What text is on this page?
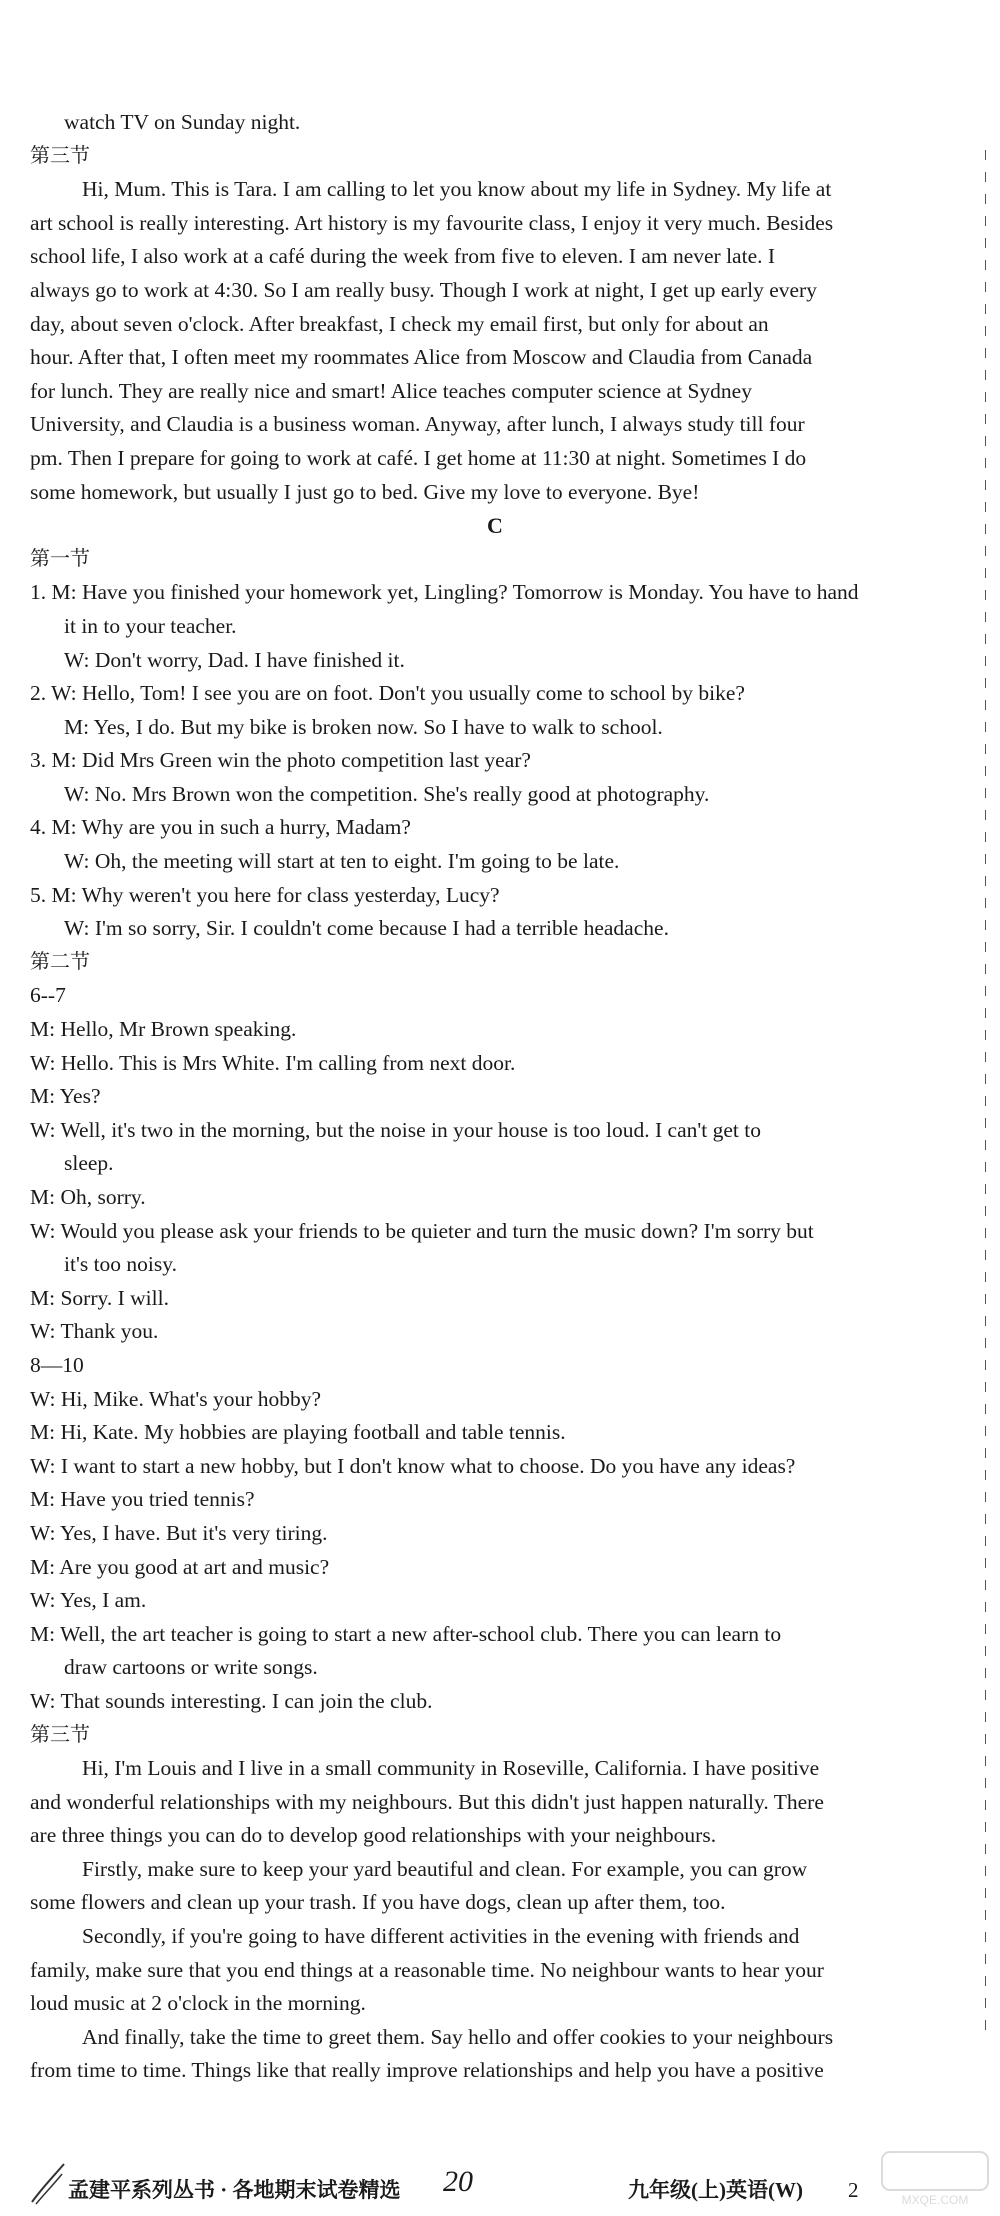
watch TV on Sunday night.

第三节

Hi, Mum. This is Tara. I am calling to let you know about my life in Sydney. My life at

art school is really interesting. Art history is my favourite class, I enjoy it very much. Besides

school life, I also work at a café during the week from five to eleven. I am never late. I

always go to work at 4:30. So I am really busy. Though I work at night, I get up early every

day, about seven o'clock. After breakfast, I check my email first, but only for about an

hour. After that, I often meet my roommates Alice from Moscow and Claudia from Canada

for lunch. They are really nice and smart! Alice teaches computer science at Sydney

University, and Claudia is a business woman. Anyway, after lunch, I always study till four

pm. Then I prepare for going to work at café. I get home at 11:30 at night. Sometimes I do

some homework, but usually I just go to bed. Give my love to everyone. Bye!

C

第一节

1. M: Have you finished your homework yet, Lingling? Tomorrow is Monday. You have to hand

it in to your teacher.

W: Don't worry, Dad. I have finished it.

2. W: Hello, Tom! I see you are on foot. Don't you usually come to school by bike?

M: Yes, I do. But my bike is broken now. So I have to walk to school.

3. M: Did Mrs Green win the photo competition last year?

W: No. Mrs Brown won the competition. She's really good at photography.

4. M: Why are you in such a hurry, Madam?

W: Oh, the meeting will start at ten to eight. I'm going to be late.

5. M: Why weren't you here for class yesterday, Lucy?

W: I'm so sorry, Sir. I couldn't come because I had a terrible headache.

第二节

6--7

M: Hello, Mr Brown speaking.

W: Hello. This is Mrs White. I'm calling from next door.

M: Yes?

W: Well, it's two in the morning, but the noise in your house is too loud. I can't get to

sleep.

M: Oh, sorry.

W: Would you please ask your friends to be quieter and turn the music down? I'm sorry but

it's too noisy.

M: Sorry. I will.

W: Thank you.

8—10

W: Hi, Mike. What's your hobby?

M: Hi, Kate. My hobbies are playing football and table tennis.

W: I want to start a new hobby, but I don't know what to choose. Do you have any ideas?

M: Have you tried tennis?

W: Yes, I have. But it's very tiring.

M: Are you good at art and music?

W: Yes, I am.

M: Well, the art teacher is going to start a new after-school club. There you can learn to

draw cartoons or write songs.

W: That sounds interesting. I can join the club.

第三节

Hi, I'm Louis and I live in a small community in Roseville, California. I have positive

and wonderful relationships with my neighbours. But this didn't just happen naturally. There

are three things you can do to develop good relationships with your neighbours.

Firstly, make sure to keep your yard beautiful and clean. For example, you can grow

some flowers and clean up your trash. If you have dogs, clean up after them, too.

Secondly, if you're going to have different activities in the evening with friends and

family, make sure that you end things at a reasonable time. No neighbour wants to hear your

loud music at 2 o'clock in the morning.

And finally, take the time to greet them. Say hello and offer cookies to your neighbours

from time to time. Things like that really improve relationships and help you have a positive

孟建平系列丛书 · 各地期末试卷精选 20	九年级(上)英语(W) 2	MXQE.COM
